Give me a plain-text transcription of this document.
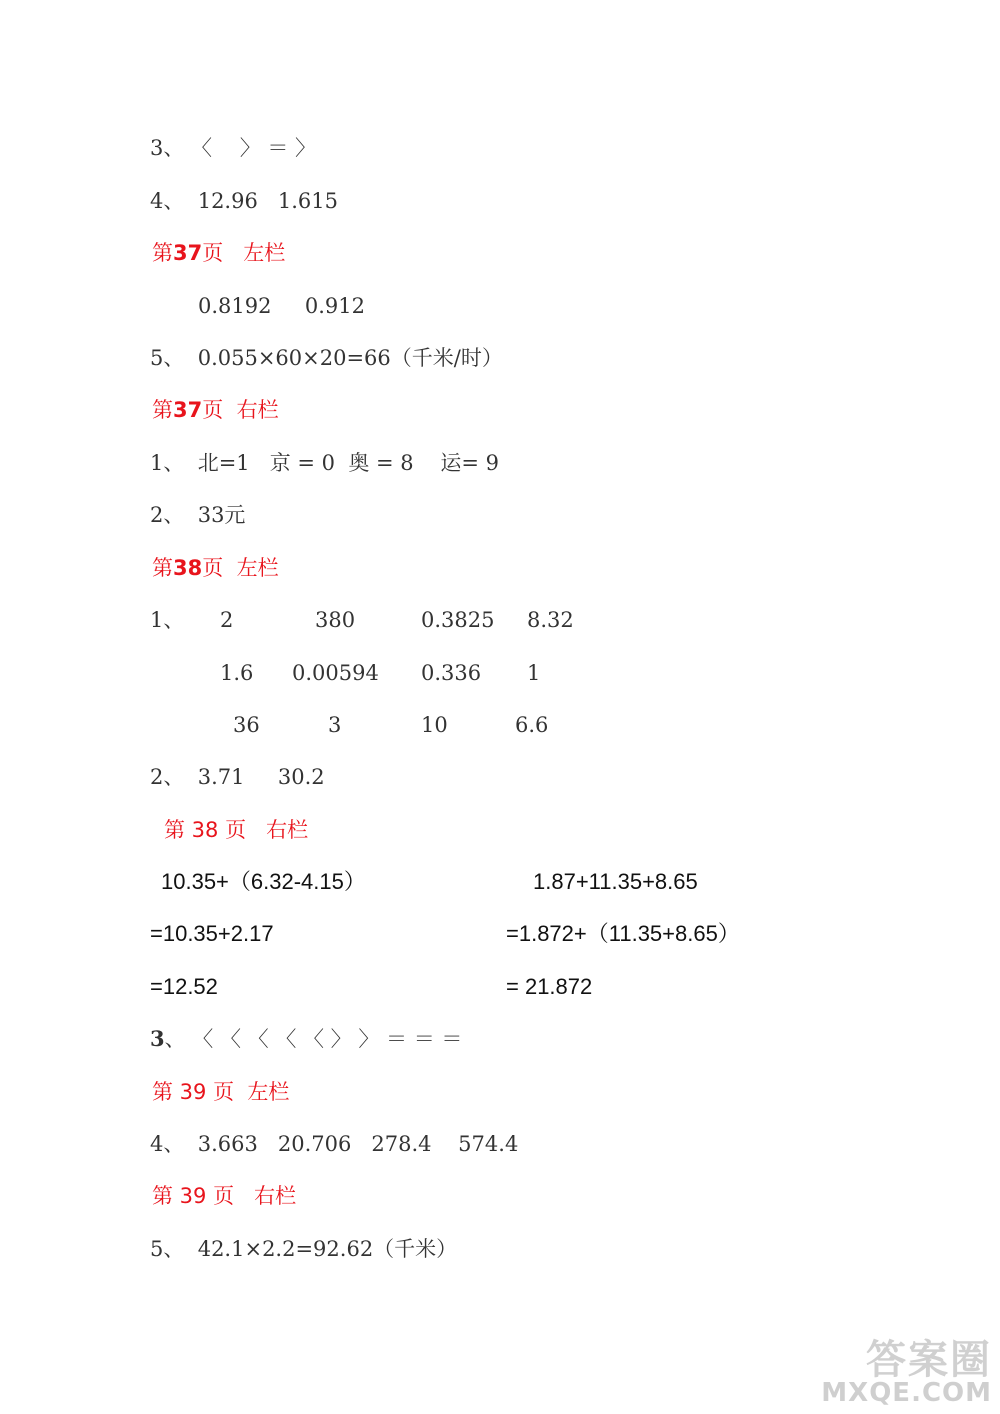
3、 〈　 〉 ＝ 〉
4、  12.96   1.615
第37页   左栏
0.8192     0.912
5、  0.055×60×20=66（千米/时）
第37页  右栏
1、  北=1   京 = 0  奥 = 8    运= 9
2、  33元
第38页  左栏
1、 2	380	0.3825 8.32
1.6 0.00594 0.336 1
36	3	10	6.6
2、  3.71     30.2
第 38 页   右栏
10.35+（6.32-4.15）	1.87+11.35+8.65
=10.35+2.17	=1.872+（11.35+8.65）
=12.52	= 21.872
3、 〈 〈 〈 〈 〈 〉 〉 ＝ ＝ ＝
第 39 页  左栏
4、  3.663   20.706   278.4    574.4
第 39 页   右栏
5、  42.1×2.2=92.62（千米）
答案圈
MXQE.COM
